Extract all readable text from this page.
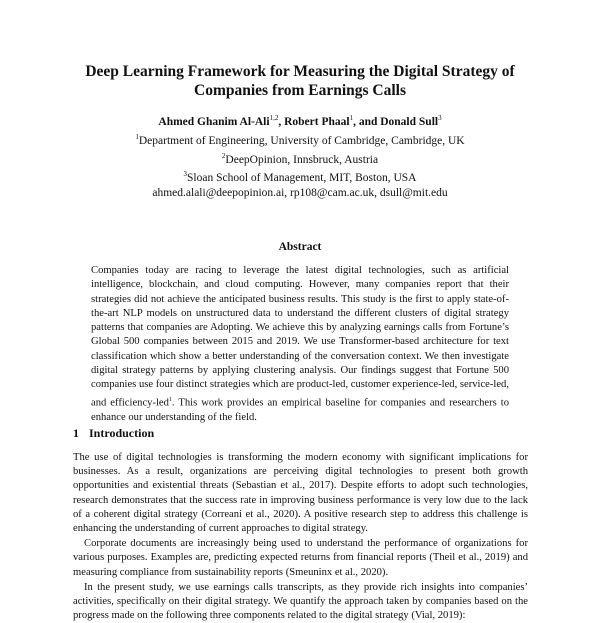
Deep Learning Framework for Measuring the Digital Strategy of
Companies from Earnings Calls
Ahmed Ghanim Al-Ali$^{1,2}$, Robert Phaal$^1$, and Donald Sull$^3$
$^1$Department of Engineering, University of Cambridge, Cambridge, UK
$^2$DeepOpinion, Innsbruck, Austria
$^3$Sloan School of Management, MIT, Boston, USA
ahmed.alali@deepopinion.ai, rp108@cam.ac.uk, dsull@mit.edu
Abstract
Companies today are racing to leverage the latest digital technologies, such as artificial intelligence, blockchain, and cloud computing. However, many companies report that their strategies did not achieve the anticipated business results. This study is the first to apply state-of-the-art NLP models on unstructured data to understand the different clusters of digital strategy patterns that companies are Adopting. We achieve this by analyzing earnings calls from Fortune’s Global 500 companies between 2015 and 2019. We use Transformer-based architecture for text classification which show a better understanding of the conversation context. We then investigate digital strategy patterns by applying clustering analysis. Our findings suggest that Fortune 500 companies use four distinct strategies which are product-led, customer experience-led, service-led, and efficiency-led$^1$. This work provides an empirical baseline for companies and researchers to enhance our understanding of the field.
1 Introduction

The use of digital technologies is transforming the modern economy with significant implications for businesses. As a result, organizations are perceiving digital technologies to present both growth opportunities and existential threats (Sebastian et al., 2017). Despite efforts to adopt such technologies, research demonstrates that the success rate in improving business performance is very low due to the lack of a coherent digital strategy (Correani et al., 2020). A positive research step to address this challenge is enhancing the understanding of current approaches to digital strategy.

Corporate documents are increasingly being used to understand the performance of organizations for various purposes. Examples are, predicting expected returns from financial reports (Theil et al., 2019) and measuring compliance from sustainability reports (Smeuninx et al., 2020).

In the present study, we use earnings calls transcripts, as they provide rich insights into companies’ activities, specifically on their digital strategy. We quantify the approach taken by companies based on the progress made on the following three components related to the digital strategy (Vial, 2019):
